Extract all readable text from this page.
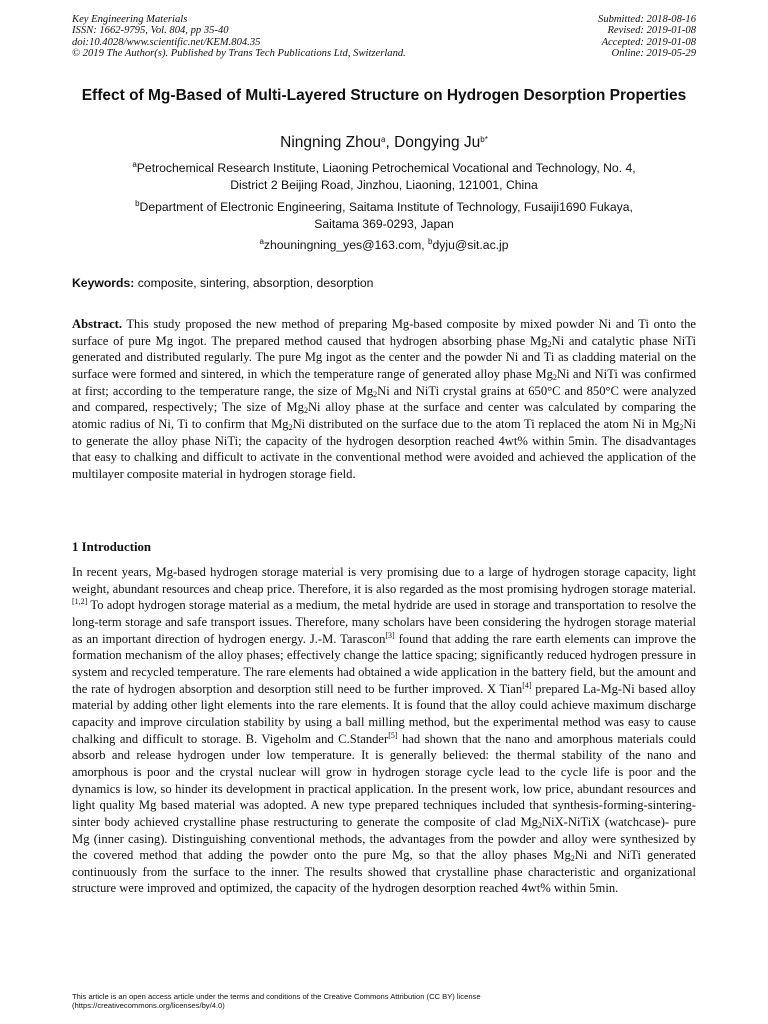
Key Engineering Materials
ISSN: 1662-9795, Vol. 804, pp 35-40
doi:10.4028/www.scientific.net/KEM.804.35
© 2019 The Author(s). Published by Trans Tech Publications Ltd, Switzerland.
Submitted: 2018-08-16
Revised: 2019-01-08
Accepted: 2019-01-08
Online: 2019-05-29
Effect of Mg-Based of Multi-Layered Structure on Hydrogen Desorption Properties
Ningning Zhou$^a$, Dongying $Ju^{b*}$
$^a$Petrochemical Research Institute, Liaoning Petrochemical Vocational and Technology, No. 4,
District 2 Beijing Road, Jinzhou, Liaoning, 121001, China
$^b$Department of Electronic Engineering, Saitama Institute of Technology, Fusaiji1690 Fukaya,
Saitama 369-0293, Japan
$^a$zhouningning_yes@163.com, $^b$dyju@sit.ac.jp
Keywords: composite, sintering, absorption, desorption
Abstract. This study proposed the new method of preparing Mg-based composite by mixed powder Ni and Ti onto the surface of pure Mg ingot. The prepared method caused that hydrogen absorbing phase $Mg_2Ni$ and catalytic phase NiTi generated and distributed regularly. The pure Mg ingot as the center and the powder Ni and Ti as cladding material on the surface were formed and sintered, in which the temperature range of generated alloy phase $Mg_2Ni$ and NiTi was confirmed at first; according to the temperature range, the size of $Mg_2Ni$ and NiTi crystal grains at 650°C and 850°C were analyzed and compared, respectively; The size of $Mg_2Ni$ alloy phase at the surface and center was calculated by comparing the atomic radius of Ni, Ti to confirm that $Mg_2Ni$ distributed on the surface due to the atom Ti replaced the atom Ni in $Mg_2Ni$ to generate the alloy phase NiTi; the capacity of the hydrogen desorption reached 4wt% within 5min. The disadvantages that easy to chalking and difficult to activate in the conventional method were avoided and achieved the application of the multilayer composite material in hydrogen storage field.
1 Introduction
In recent years, Mg-based hydrogen storage material is very promising due to a large of hydrogen storage capacity, light weight, abundant resources and cheap price. Therefore, it is also regarded as the most promising hydrogen storage material.[1,2] To adopt hydrogen storage material as a medium, the metal hydride are used in storage and transportation to resolve the long-term storage and safe transport issues. Therefore, many scholars have been considering the hydrogen storage material as an important direction of hydrogen energy. J.-M. Tarascon[3] found that adding the rare earth elements can improve the formation mechanism of the alloy phases; effectively change the lattice spacing; significantly reduced hydrogen pressure in system and recycled temperature. The rare elements had obtained a wide application in the battery field, but the amount and the rate of hydrogen absorption and desorption still need to be further improved. X Tian[4] prepared La-Mg-Ni based alloy material by adding other light elements into the rare elements. It is found that the alloy could achieve maximum discharge capacity and improve circulation stability by using a ball milling method, but the experimental method was easy to cause chalking and difficult to storage. B. Vigeholm and C.Stander[5] had shown that the nano and amorphous materials could absorb and release hydrogen under low temperature. It is generally believed: the thermal stability of the nano and amorphous is poor and the crystal nuclear will grow in hydrogen storage cycle lead to the cycle life is poor and the dynamics is low, so hinder its development in practical application. In the present work, low price, abundant resources and light quality Mg based material was adopted. A new type prepared techniques included that synthesis-forming-sintering-sinter body achieved crystalline phase restructuring to generate the composite of clad $Mg_2NiX$-NiTiX (watchcase)- pure Mg (inner casing). Distinguishing conventional methods, the advantages from the powder and alloy were synthesized by the covered method that adding the powder onto the pure Mg, so that the alloy phases $Mg_2Ni$ and NiTi generated continuously from the surface to the inner. The results showed that crystalline phase characteristic and organizational structure were improved and optimized, the capacity of the hydrogen desorption reached 4wt% within 5min.
This article is an open access article under the terms and conditions of the Creative Commons Attribution (CC BY) license
(https://creativecommons.org/licenses/by/4.0)
